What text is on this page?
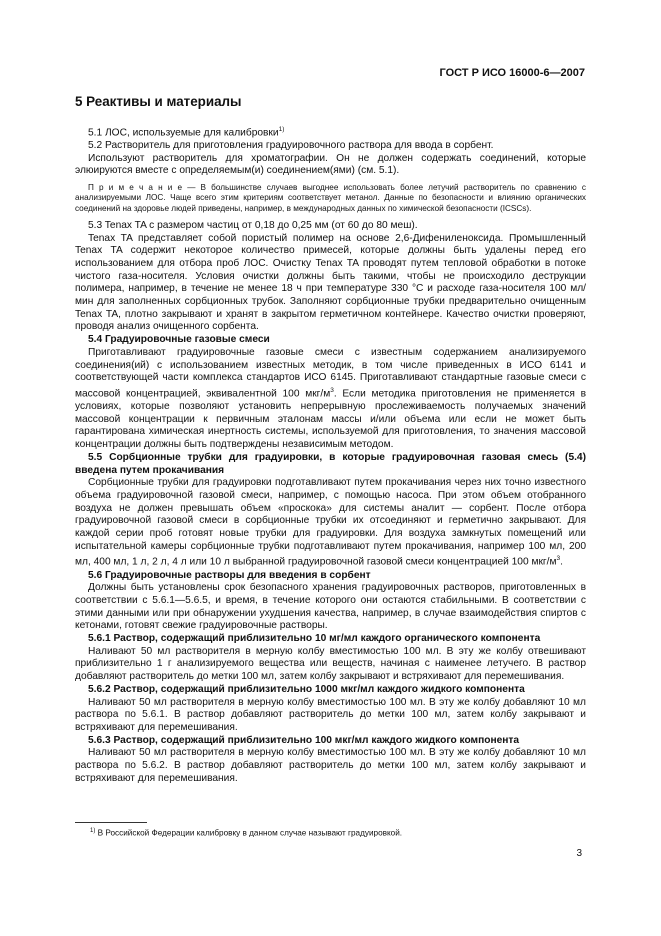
ГОСТ Р ИСО 16000-6—2007
5 Реактивы и материалы

5.1 ЛОС, используемые для калибровки$^{1)}$

5.2 Растворитель для приготовления градуировочного раствора для ввода в сорбент.

Используют растворитель для хроматографии. Он не должен содержать соединений, которые элюируются вместе с определяемым(и) соединением(ями) (см. 5.1).

П р и м е ч а н и е — В большинстве случаев выгоднее использовать более летучий растворитель по сравнению с анализируемыми ЛОС. Чаще всего этим критериям соответствует метанол. Данные по безопасности и влиянию органических соединений на здоровье людей приведены, например, в международных данных по химической безопасности (ICSCs).

5.3 Tenax TA с размером частиц от 0,18 до 0,25 мм (от 60 до 80 меш).

Tenax TA представляет собой пористый полимер на основе 2,6-Дифениленоксида. Промышленный Tenax TA содержит некоторое количество примесей, которые должны быть удалены перед его использованием для отбора проб ЛОС. Очистку Tenax TA проводят путем тепловой обработки в потоке чистого газа-носителя. Условия очистки должны быть такими, чтобы не происходило деструкции полимера, например, в течение не менее 18 ч при температуре 330 °С и расходе газа-носителя 100 мл/мин для заполненных сорбционных трубок. Заполняют сорбционные трубки предварительно очищенным Tenax TA, плотно закрывают и хранят в закрытом герметичном контейнере. Качество очистки проверяют, проводя анализ очищенного сорбента.

5.4 Градуировочные газовые смеси

Приготавливают градуировочные газовые смеси с известным содержанием анализируемого соединения(ий) с использованием известных методик, в том числе приведенных в ИСО 6141 и соответствующей части комплекса стандартов ИСО 6145. Приготавливают стандартные газовые смеси с массовой концентрацией, эквивалентной 100 мкг/$м^3$. Если методика приготовления не применяется в условиях, которые позволяют установить непрерывную прослеживаемость получаемых значений массовой концентрации к первичным эталонам массы и/или объема или если не может быть гарантирована химическая инертность системы, используемой для приготовления, то значения массовой концентрации должны быть подтверждены независимым методом.

5.5 Сорбционные трубки для градуировки, в которые градуировочная газовая смесь (5.4) введена путем прокачивания

Сорбционные трубки для градуировки подготавливают путем прокачивания через них точно известного объема градуировочной газовой смеси, например, с помощью насоса. При этом объем отобранного воздуха не должен превышать объем «проскока» для системы аналит — сорбент. После отбора градуировочной газовой смеси в сорбционные трубки их отсоединяют и герметично закрывают. Для каждой серии проб готовят новые трубки для градуировки. Для воздуха замкнутых помещений или испытательной камеры сорбционные трубки подготавливают путем прокачивания, например 100 мл, 200 мл, 400 мл, 1 л, 2 л, 4 л или 10 л выбранной градуировочной газовой смеси концентрацией 100 мкг/$м^3$.

5.6 Градуировочные растворы для введения в сорбент

Должны быть установлены срок безопасного хранения градуировочных растворов, приготовленных в соответствии с 5.6.1—5.6.5, и время, в течение которого они остаются стабильными. В соответствии с этими данными или при обнаружении ухудшения качества, например, в случае взаимодействия спиртов с кетонами, готовят свежие градуировочные растворы.

5.6.1 Раствор, содержащий приблизительно 10 мг/мл каждого органического компонента

Наливают 50 мл растворителя в мерную колбу вместимостью 100 мл. В эту же колбу отвешивают приблизительно 1 г анализируемого вещества или веществ, начиная с наименее летучего. В раствор добавляют растворитель до метки 100 мл, затем колбу закрывают и встряхивают для перемешивания.

5.6.2 Раствор, содержащий приблизительно 1000 мкг/мл каждого жидкого компонента

Наливают 50 мл растворителя в мерную колбу вместимостью 100 мл. В эту же колбу добавляют 10 мл раствора по 5.6.1. В раствор добавляют растворитель до метки 100 мл, затем колбу закрывают и встряхивают для перемешивания.

5.6.3 Раствор, содержащий приблизительно 100 мкг/мл каждого жидкого компонента

Наливают 50 мл растворителя в мерную колбу вместимостью 100 мл. В эту же колбу добавляют 10 мл раствора по 5.6.2. В раствор добавляют растворитель до метки 100 мл, затем колбу закрывают и встряхивают для перемешивания.

$^{1)}$ В Российской Федерации калибровку в данном случае называют градуировкой.
3
